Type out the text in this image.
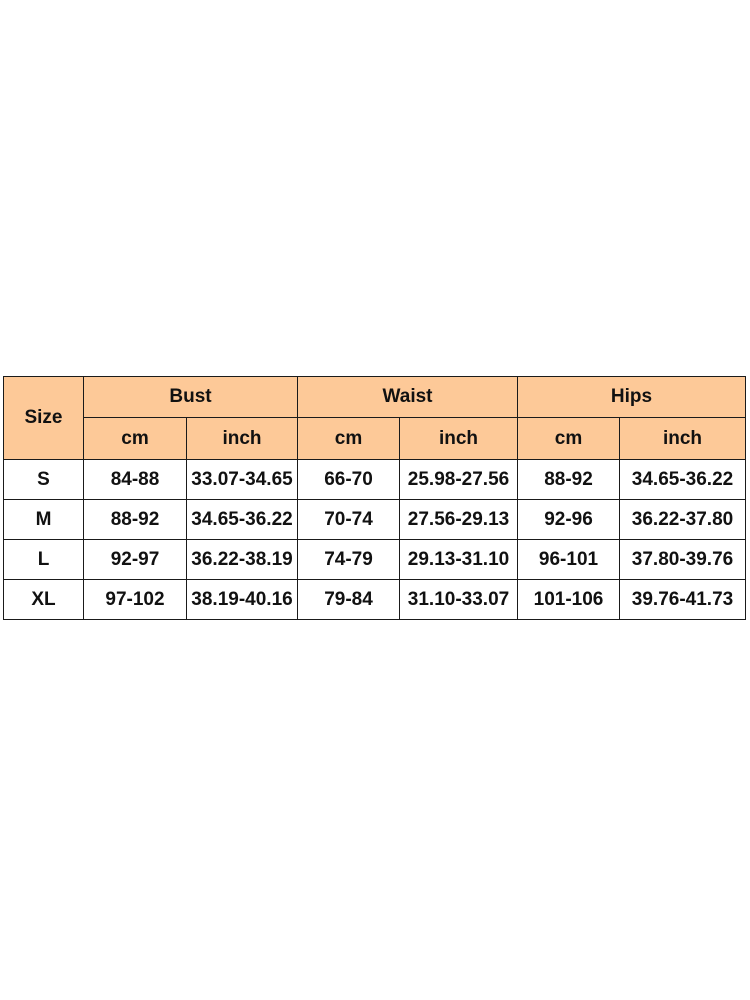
Size	Bust		Waist		Hips	
	cm	inch	cm	inch	cm	inch
S	84-88	33.07-34.65	66-70	25.98-27.56	88-92	34.65-36.22
M	88-92	34.65-36.22	70-74	27.56-29.13	92-96	36.22-37.80
L	92-97	36.22-38.19	74-79	29.13-31.10	96-101	37.80-39.76
XL	97-102	38.19-40.16	79-84	31.10-33.07	101-106	39.76-41.73
